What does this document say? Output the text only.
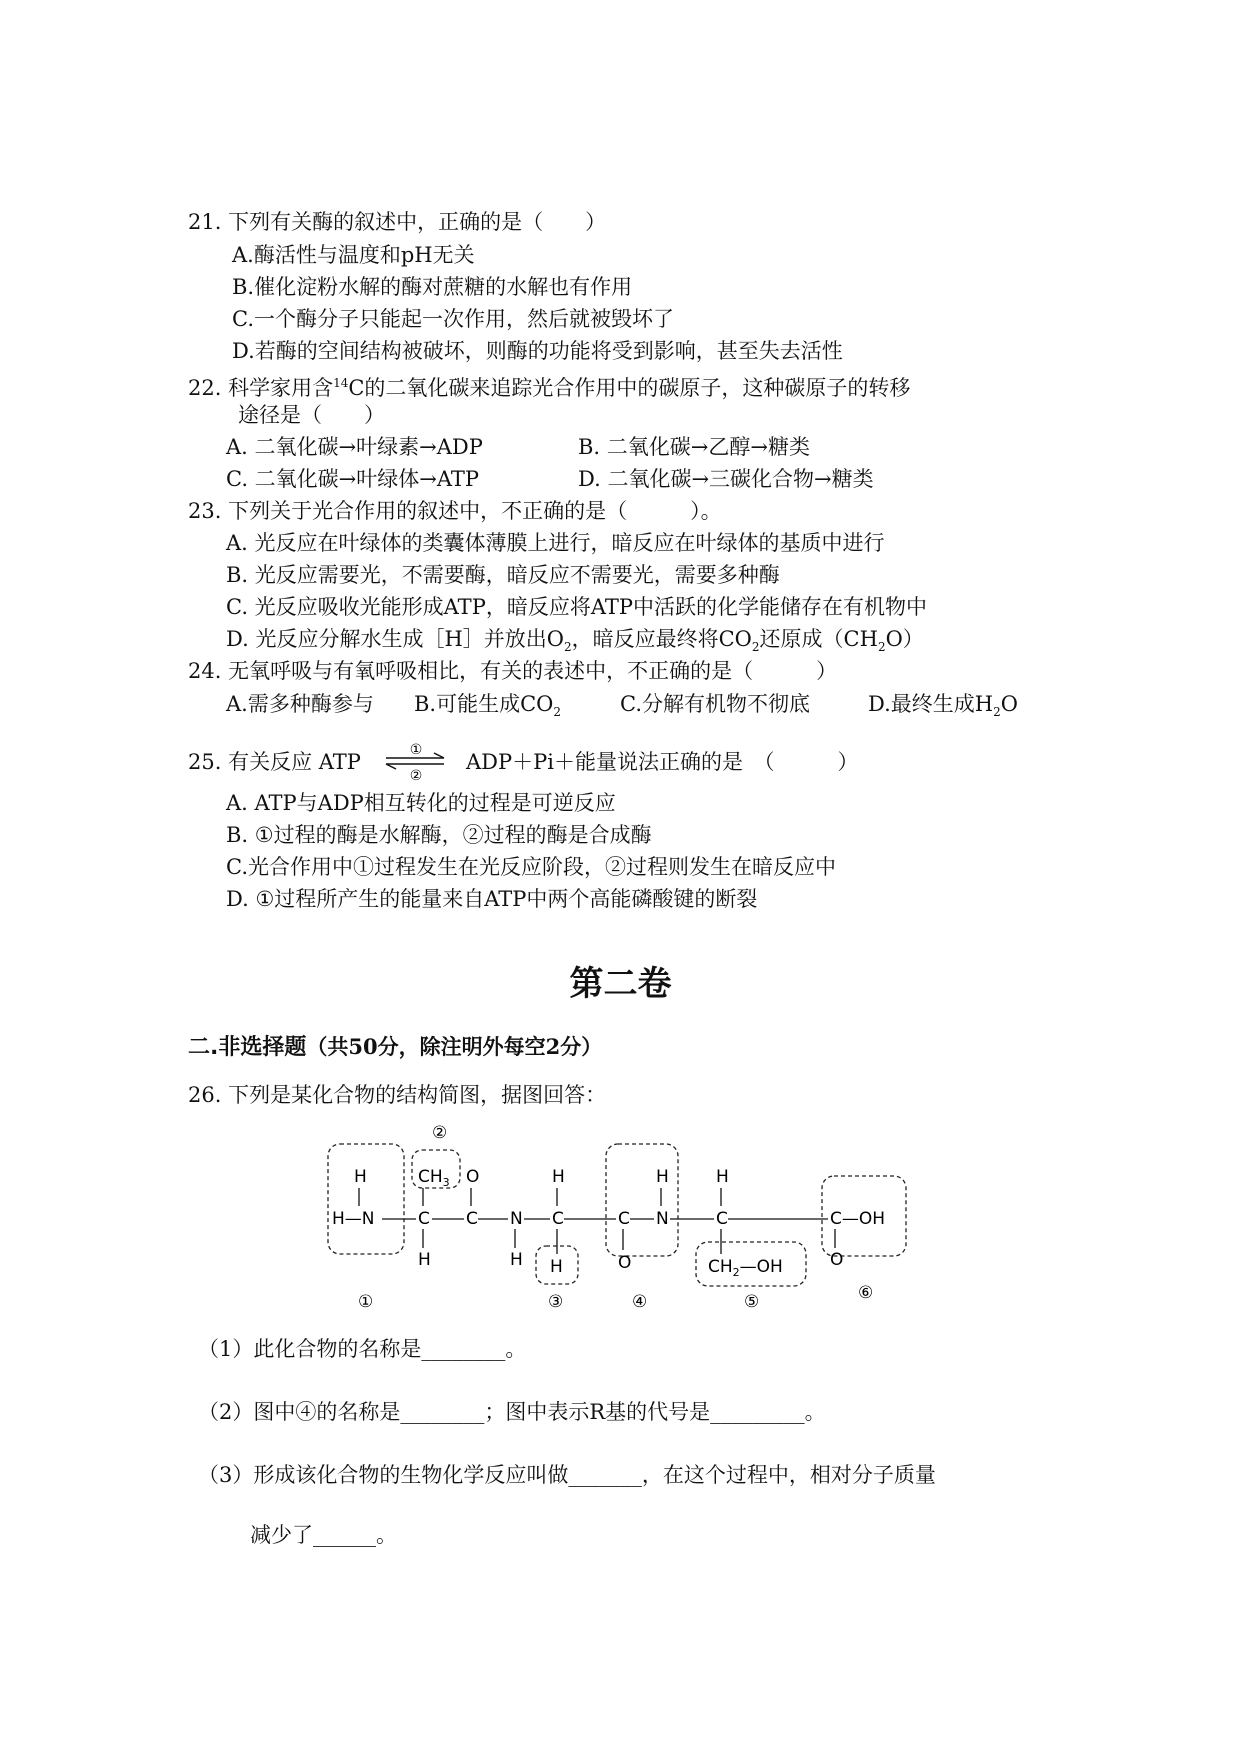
21. 下列有关酶的叙述中，正确的是（　　）
A.酶活性与温度和pH无关
B.催化淀粉水解的酶对蔗糖的水解也有作用
C.一个酶分子只能起一次作用，然后就被毁坏了
D.若酶的空间结构被破坏，则酶的功能将受到影响，甚至失去活性
22. 科学家用含$^{14}$C的二氧化碳来追踪光合作用中的碳原子，这种碳原子的转移
途径是（　　）
A. 二氧化碳→叶绿素→ADP	B. 二氧化碳→乙醇→糖类
C. 二氧化碳→叶绿体→ATP	D. 二氧化碳→三碳化合物→糖类
23. 下列关于光合作用的叙述中，不正确的是（　　　）。
A. 光反应在叶绿体的类囊体薄膜上进行，暗反应在叶绿体的基质中进行
B. 光反应需要光，不需要酶，暗反应不需要光，需要多种酶
C. 光反应吸收光能形成ATP，暗反应将ATP中活跃的化学能储存在有机物中
D. 光反应分解水生成［H］并放出$O_2$，暗反应最终将$CO_2$还原成$(CH_2O)$
24. 无氧呼吸与有氧呼吸相比，有关的表述中，不正确的是（　　　）
A.需多种酶参与 B.可能生成$CO_2$	C.分解有机物不彻底	D.最终生成$H_2O$
25. 有关反应 ATP	①
②
ADP＋Pi＋能量说法正确的是　（　　　）
A. ATP与ADP相互转化的过程是可逆反应
B. ①过程的酶是水解酶，②过程的酶是合成酶
C.光合作用中①过程发生在光反应阶段，②过程则发生在暗反应中
D. ①过程所产生的能量来自ATP中两个高能磷酸键的断裂
第二卷
二.非选择题（共50分，除注明外每空2分）
26. 下列是某化合物的结构简图，据图回答：
②
①	③	④	⑤	⑥
H
H—N
$CH_3$
C
H
O
C N
H
H
C
H
C
O
H
N
H
C
$CH_2—OH$
C—OH
O
（1）此化合物的名称是________。
（2）图中④的名称是________；图中表示R基的代号是_________。
（3）形成该化合物的生物化学反应叫做_______，在这个过程中，相对分子质量
减少了______。
